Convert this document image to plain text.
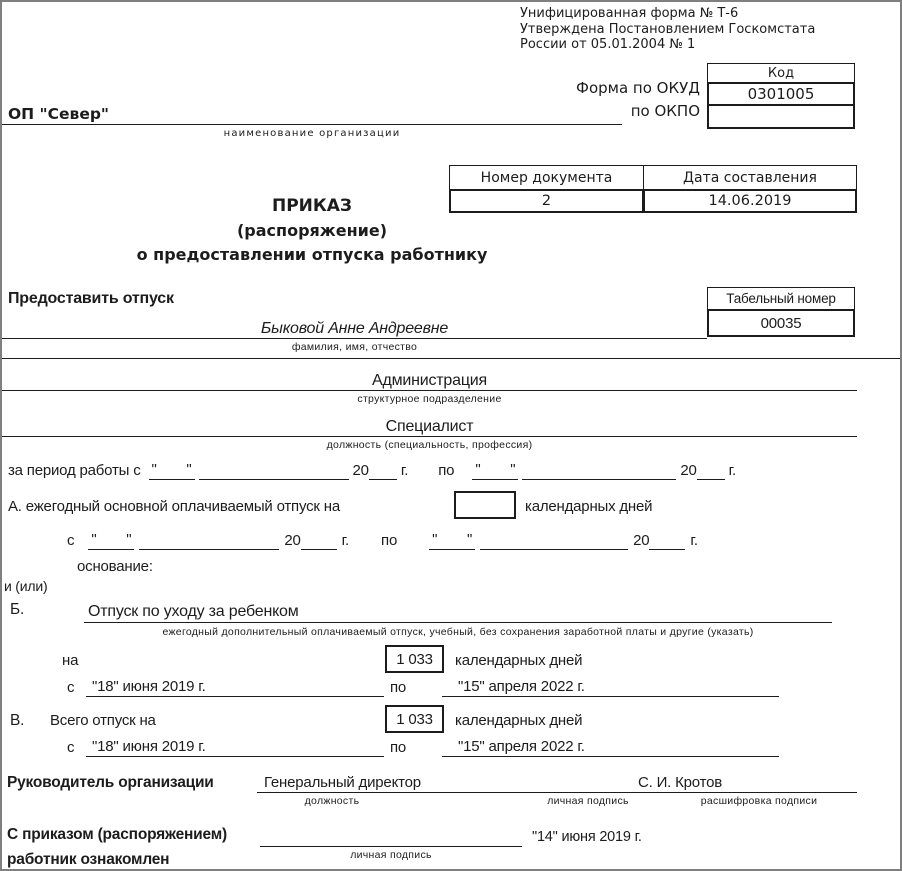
Унифицированная форма № Т-6
Утверждена Постановлением Госкомстата
России от 05.01.2004 № 1
Форма по ОКУД
по ОКПО
Код
0301005
ОП "Север"
наименование организации
Номер документа	Дата составления
2	14.06.2019
ПРИКАЗ
(распоряжение)
о предоставлении отпуска работнику
Предоставить отпуск	Табельный номер
00035
Быковой Анне Андреевне
фамилия, имя, отчество
Администрация
структурное подразделение
Специалист
должность (специальность, профессия)
за период работы с " "	20 г. по " "	20 г.
А. ежегодный основной оплачиваемый отпуск на	календарных дней
с " "	20	г. по " "	20	г.
основание:
и (или)
Б.	Отпуск по уходу за ребенком
ежегодный дополнительный оплачиваемый отпуск, учебный, без сохранения заработной платы и другие (указать)
на	1 033	календарных дней
с	"18" июня 2019 г.	по	"15" апреля 2022 г.
В. Всего отпуск на	1 033	календарных дней
с	"18" июня 2019 г.	по	"15" апреля 2022 г.
Руководитель организации	Генеральный директор	С. И. Кротов
должность	личная подпись	расшифровка подписи
С приказом (распоряжением)
работник ознакомлен	личная подпись
"14" июня 2019 г.
